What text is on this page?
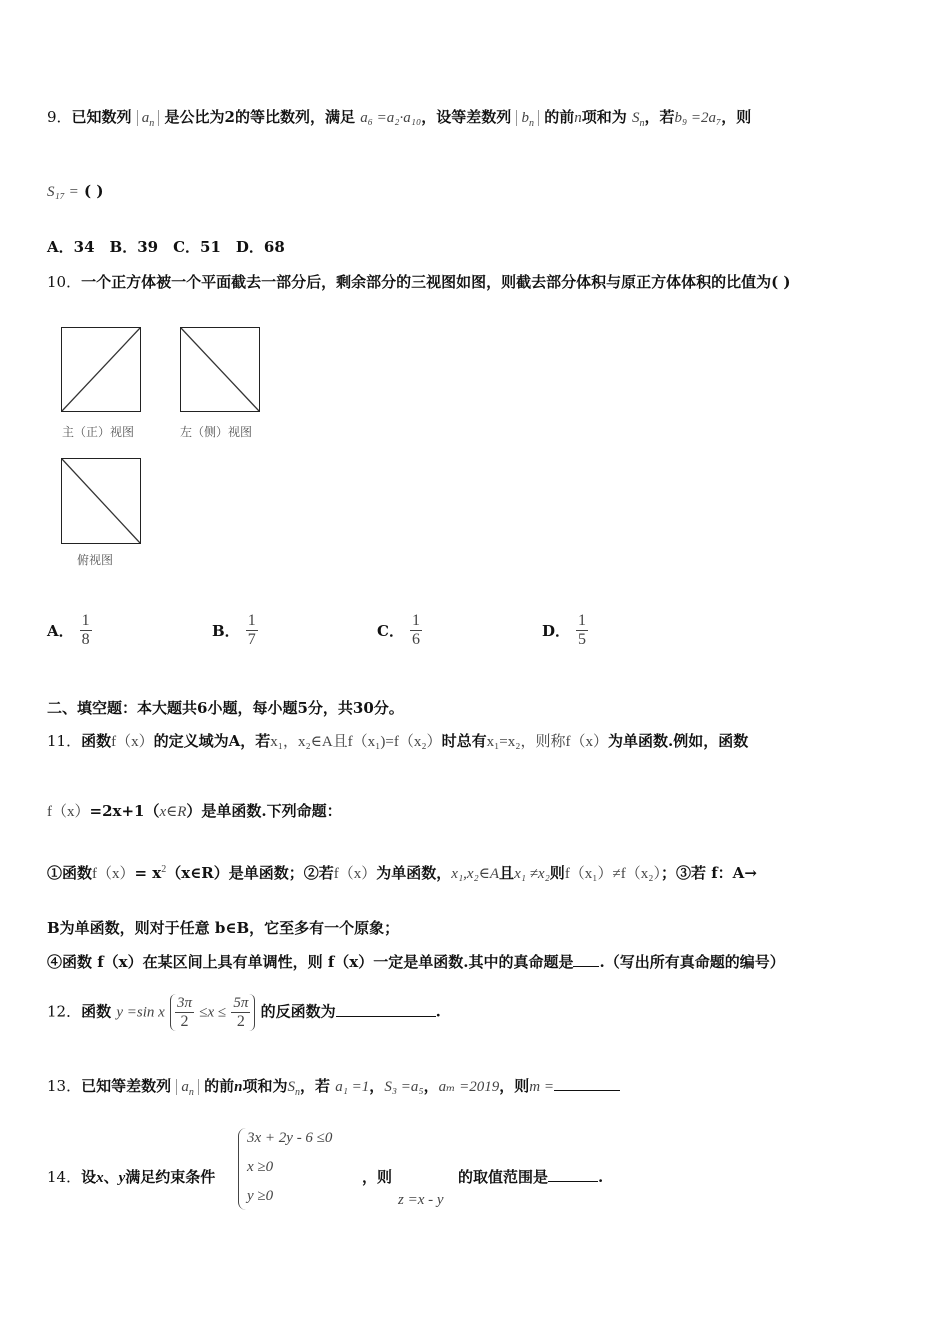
9．已知数列 $a_n$ 是公比为2的等比数列，满足 a₆ =a₂·a₁₀，设等差数列 $b_n$ 的前n项和为 $S_n$，若b₉ =2a₇，则
S₁₇ = ( )
A．34　B．39　C．51　D．68
10．一个正方体被一个平面截去一部分后，剩余部分的三视图如图，则截去部分体积与原正方体体积的比值为( )
主（正）视图	左（侧）视图
俯视图
A． $\frac{1}{8}$	B． $\frac{1}{7}$	C． $\frac{1}{6}$	D． $\frac{1}{5}$
二、填空题：本大题共6小题，每小题5分，共30分。
11．函数f（x）的定义域为A，若x₁，x₂∈A且f（x₁)=f（x₂）时总有x₁=x₂，则称f（x）为单函数.例如，函数
f（x）=2x+1（x∈R）是单函数.下列命题：
①函数$f(x)= x^2(x\in R)$是单函数；②若f（x）为单函数，x₁,x₂∈A且x₁ ≠x₂则f（x₁）≠f（x₂）；③若 f：A→
B为单函数，则对于任意 b∈B，它至多有一个原象；
④函数 f（x）在某区间上具有单调性，则 f（x）一定是单函数.其中的真命题是 .（写出所有真命题的编号）
12．函数 y =sin x $\frac{3\pi}{2} \le x \le \frac{5\pi}{2}$ 的反函数为	.
13．已知等差数列 $a_n$ 的前n项和为$S_n$，若 a₁ =1，S₃ =a₅，aₘ =2019，则m =
14．设x、y满足约束条件
3x + 2y - 6 ≤0
x ≥0
y ≥0
，则	的取值范围是	.
z =x - y
